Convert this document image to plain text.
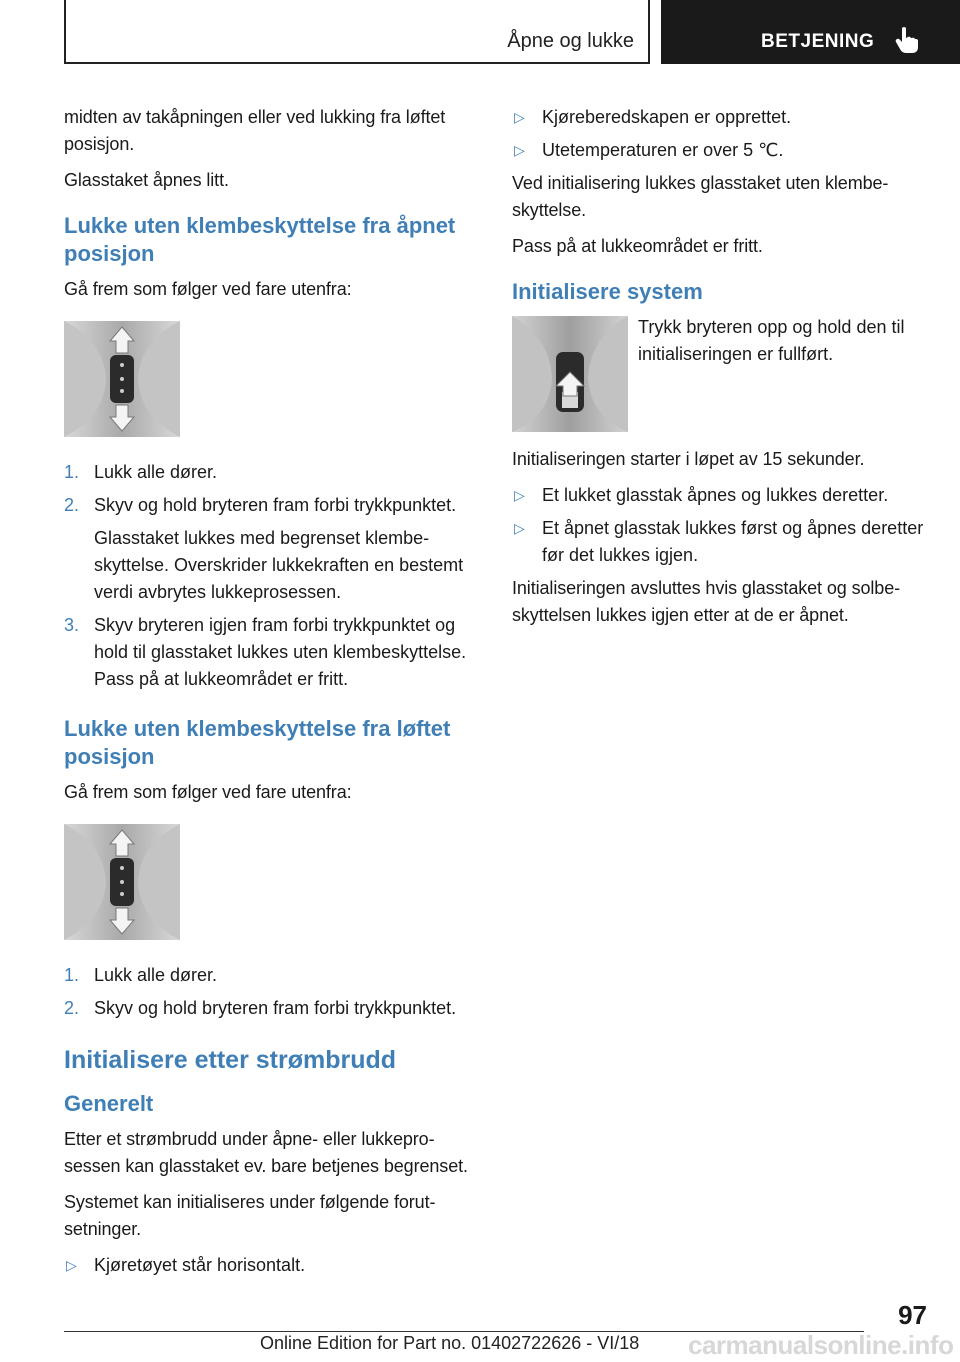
Åpne og lukke	BETJENING

midten av takåpningen eller ved lukking fra løftet posisjon.

Glasstaket åpnes litt.

Lukke uten klembeskyttelse fra åpnet posisjon

Gå frem som følger ved fare utenfra:

1. Lukk alle dører.
2. Skyv og hold bryteren fram forbi trykkpunktet.
Glasstaket lukkes med begrenset klembeskyttelse. Overskrider lukkekraften en bestemt verdi avbrytes lukkeprosessen.
3. Skyv bryteren igjen fram forbi trykkpunktet og hold til glasstaket lukkes uten klembeskyttelse. Pass på at lukkeområdet er fritt.
Lukke uten klembeskyttelse fra løftet posisjon

Gå frem som følger ved fare utenfra:

1. Lukk alle dører.
2. Skyv og hold bryteren fram forbi trykkpunktet.
Initialisere etter strømbrudd
Generelt

Etter et strømbrudd under åpne- eller lukkeprosessen kan glasstaket ev. bare betjenes begrenset.

Systemet kan initialiseres under følgende forutsetninger.

▷ Kjøretøyet står horisontalt.
▷ Kjøreberedskapen er opprettet.
▷ Utetemperaturen er over 5 ℃.

Ved initialisering lukkes glasstaket uten klembeskyttelse.

Pass på at lukkeområdet er fritt.

Initialisere system

Trykk bryteren opp og hold den til initialiseringen er fullført.

Initialiseringen starter i løpet av 15 sekunder.

▷ Et lukket glasstak åpnes og lukkes deretter.
▷ Et åpnet glasstak lukkes først og åpnes deretter før det lukkes igjen.

Initialiseringen avsluttes hvis glasstaket og solbeskyttelsen lukkes igjen etter at de er åpnet.

97
Online Edition for Part no. 01402722626 - VI/18 carmanualsonline.info
